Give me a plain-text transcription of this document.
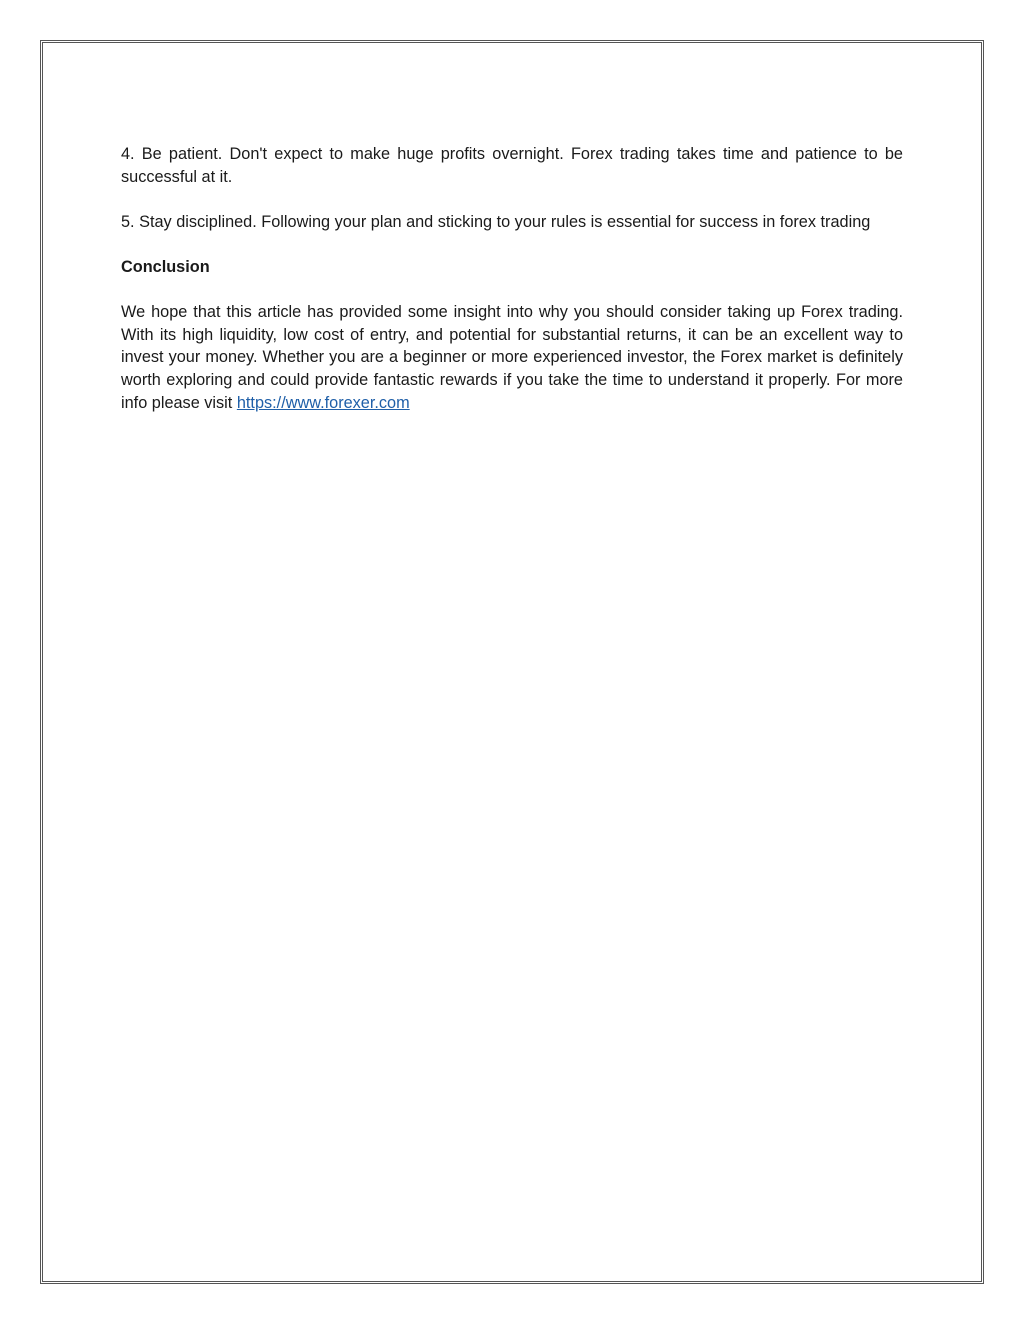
4. Be patient. Don't expect to make huge profits overnight. Forex trading takes time and patience to be successful at it.

5. Stay disciplined. Following your plan and sticking to your rules is essential for success in forex trading

Conclusion

We hope that this article has provided some insight into why you should consider taking up Forex trading. With its high liquidity, low cost of entry, and potential for substantial returns, it can be an excellent way to invest your money. Whether you are a beginner or more experienced investor, the Forex market is definitely worth exploring and could provide fantastic rewards if you take the time to understand it properly. For more info please visit https://www.forexer.com
